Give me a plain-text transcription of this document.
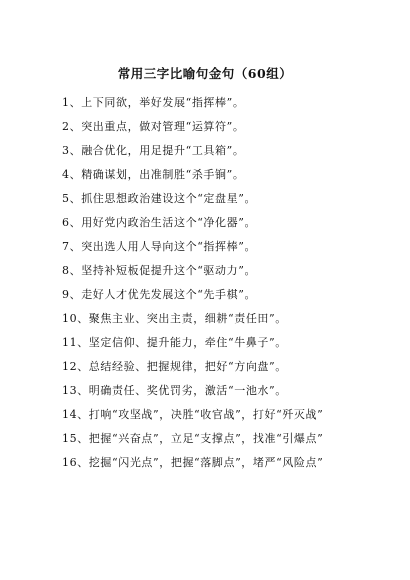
常用三字比喻句金句（60组）
1、上下同欲，举好发展“指挥棒”。
2、突出重点，做对管理“运算符”。
3、融合优化，用足提升“工具箱”。
4、精确谋划，出准制胜“杀手锏”。
5、抓住思想政治建设这个“定盘星”。
6、用好党内政治生活这个“净化器”。
7、突出选人用人导向这个“指挥棒”。
8、坚持补短板促提升这个“驱动力”。
9、走好人才优先发展这个“先手棋”。
10、聚焦主业、突出主责，细耕“责任田”。
11、坚定信仰、提升能力，牵住“牛鼻子”。
12、总结经验、把握规律，把好“方向盘”。
13、明确责任、奖优罚劣，激活“一池水”。
14、打响“攻坚战”，决胜“收官战”，打好“歼灭战”
15、把握“兴奋点”，立足“支撑点”，找准“引爆点”
16、挖掘“闪光点”，把握“落脚点”，堵严“风险点”
